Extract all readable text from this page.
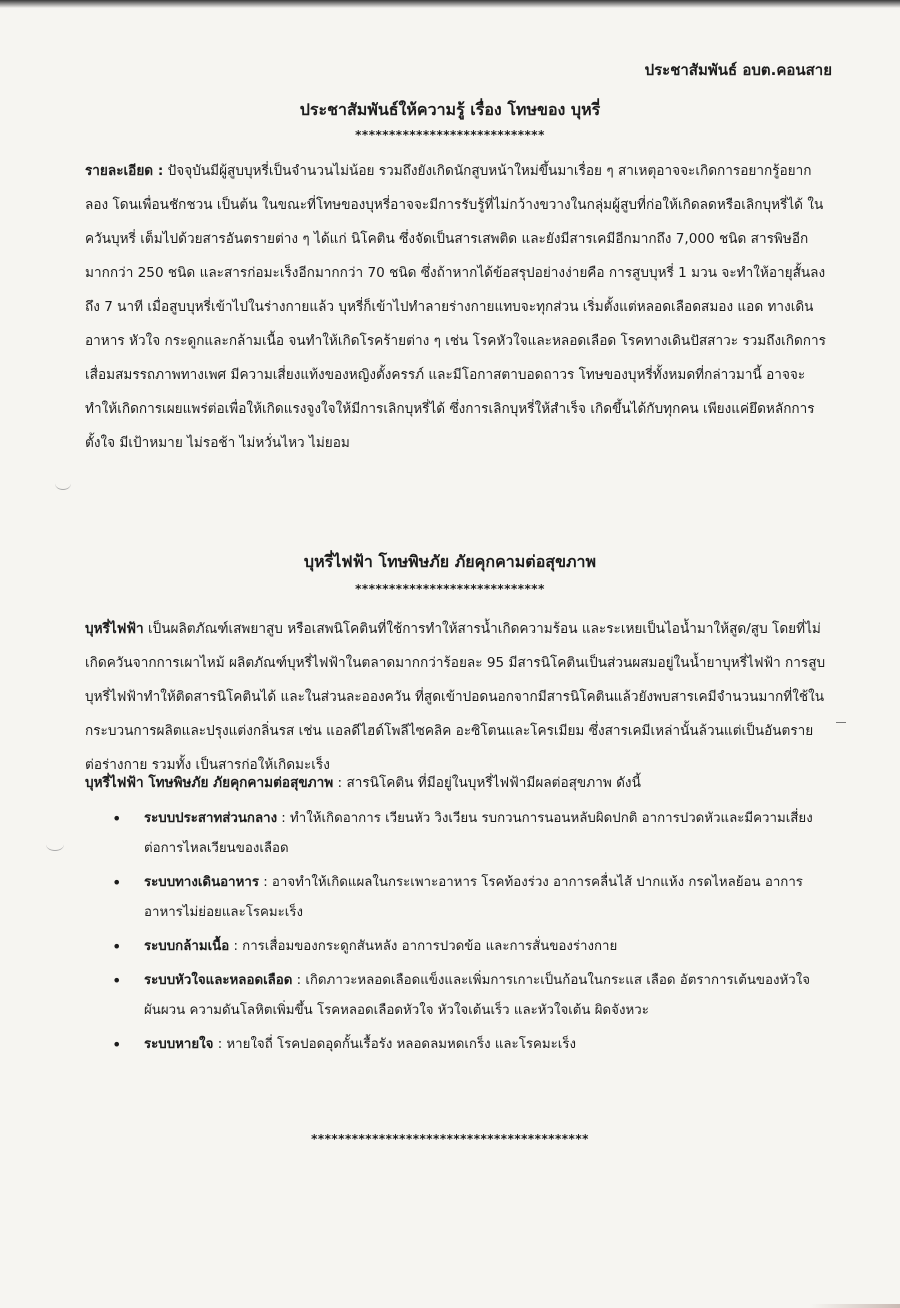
ประชาสัมพันธ์ อบต.คอนสาย
ประชาสัมพันธ์ให้ความรู้ เรื่อง โทษของ บุหรี่
****************************
รายละเอียด : ปัจจุบันมีผู้สูบบุหรี่เป็นจำนวนไม่น้อย รวมถึงยังเกิดนักสูบหน้าใหม่ขึ้นมาเรื่อย ๆ สาเหตุอาจจะเกิดการอยากรู้อยากลอง โดนเพื่อนชักชวน เป็นต้น ในขณะที่โทษของบุหรี่อาจจะมีการรับรู้ที่ไม่กว้างขวางในกลุ่มผู้สูบที่ก่อให้เกิดลดหรือเลิกบุหรี่ได้ ในควันบุหรี่ เต็มไปด้วยสารอันตรายต่าง ๆ ได้แก่ นิโคติน ซึ่งจัดเป็นสารเสพติด และยังมีสารเคมีอีกมากถึง 7,000 ชนิด สารพิษอีกมากกว่า 250 ชนิด และสารก่อมะเร็งอีกมากกว่า 70 ชนิด ซึ่งถ้าหากได้ข้อสรุปอย่างง่ายคือ การสูบบุหรี่ 1 มวน จะทำให้อายุสั้นลงถึง 7 นาที เมื่อสูบบุหรี่เข้าไปในร่างกายแล้ว บุหรี่ก็เข้าไปทำลายร่างกายแทบจะทุกส่วน เริ่มตั้งแต่หลอดเลือดสมอง แอด ทางเดินอาหาร หัวใจ กระดูกและกล้ามเนื้อ จนทำให้เกิดโรคร้ายต่าง ๆ เช่น โรคหัวใจและหลอดเลือด โรคทางเดินปัสสาวะ รวมถึงเกิดการเสื่อมสมรรถภาพทางเพศ มีความเสี่ยงแท้งของหญิงตั้งครรภ์ และมีโอกาสตาบอดถาวร โทษของบุหรี่ทั้งหมดที่กล่าวมานี้ อาจจะทำให้เกิดการเผยแพร่ต่อเพื่อให้เกิดแรงจูงใจให้มีการเลิกบุหรี่ได้ ซึ่งการเลิกบุหรี่ให้สำเร็จ เกิดขึ้นได้กับทุกคน เพียงแค่ยึดหลักการ ตั้งใจ มีเป้าหมาย ไม่รอช้า ไม่หวั่นไหว ไม่ยอม
บุหรี่ไฟฟ้า โทษพิษภัย ภัยคุกคามต่อสุขภาพ
****************************
บุหรี่ไฟฟ้า เป็นผลิตภัณฑ์เสพยาสูบ หรือเสพนิโคตินที่ใช้การทำให้สารน้ำเกิดความร้อน และระเหยเป็นไอน้ำมาให้สูด/สูบ โดยที่ไม่เกิดควันจากการเผาไหม้ ผลิตภัณฑ์บุหรี่ไฟฟ้าในตลาดมากกว่าร้อยละ 95 มีสารนิโคตินเป็นส่วนผสมอยู่ในน้ำยาบุหรี่ไฟฟ้า การสูบบุหรี่ไฟฟ้าทำให้ติดสารนิโคตินได้ และในส่วนละอองควัน ที่สูดเข้าปอดนอกจากมีสารนิโคตินแล้วยังพบสารเคมีจำนวนมากที่ใช้ในกระบวนการผลิตและปรุงแต่งกลิ่นรส เช่น แอลดีไฮด์โพลีไซคลิค อะซิโตนและโครเมียม ซึ่งสารเคมีเหล่านั้นล้วนแต่เป็นอันตรายต่อร่างกาย รวมทั้ง เป็นสารก่อให้เกิดมะเร็ง
บุหรี่ไฟฟ้า โทษพิษภัย ภัยคุกคามต่อสุขภาพ : สารนิโคติน ที่มีอยู่ในบุหรี่ไฟฟ้ามีผลต่อสุขภาพ ดังนี้
• ระบบประสาทส่วนกลาง : ทำให้เกิดอาการ เวียนหัว วิงเวียน รบกวนการนอนหลับผิดปกติ อาการปวดหัวและมีความเสี่ยงต่อการไหลเวียนของเลือด
• ระบบทางเดินอาหาร : อาจทำให้เกิดแผลในกระเพาะอาหาร โรคท้องร่วง อาการคลื่นไส้ ปากแห้ง กรดไหลย้อน อาการอาหารไม่ย่อยและโรคมะเร็ง
• ระบบกล้ามเนื้อ : การเสื่อมของกระดูกสันหลัง อาการปวดข้อ และการสั่นของร่างกาย
• ระบบหัวใจและหลอดเลือด : เกิดภาวะหลอดเลือดแข็งและเพิ่มการเกาะเป็นก้อนในกระแส เลือด อัตราการเต้นของหัวใจผันผวน ความดันโลหิตเพิ่มขึ้น โรคหลอดเลือดหัวใจ หัวใจเต้นเร็ว และหัวใจเต้น ผิดจังหวะ
• ระบบหายใจ : หายใจถี่ โรคปอดอุดกั้นเรื้อรัง หลอดลมหดเกร็ง และโรคมะเร็ง
*****************************************
